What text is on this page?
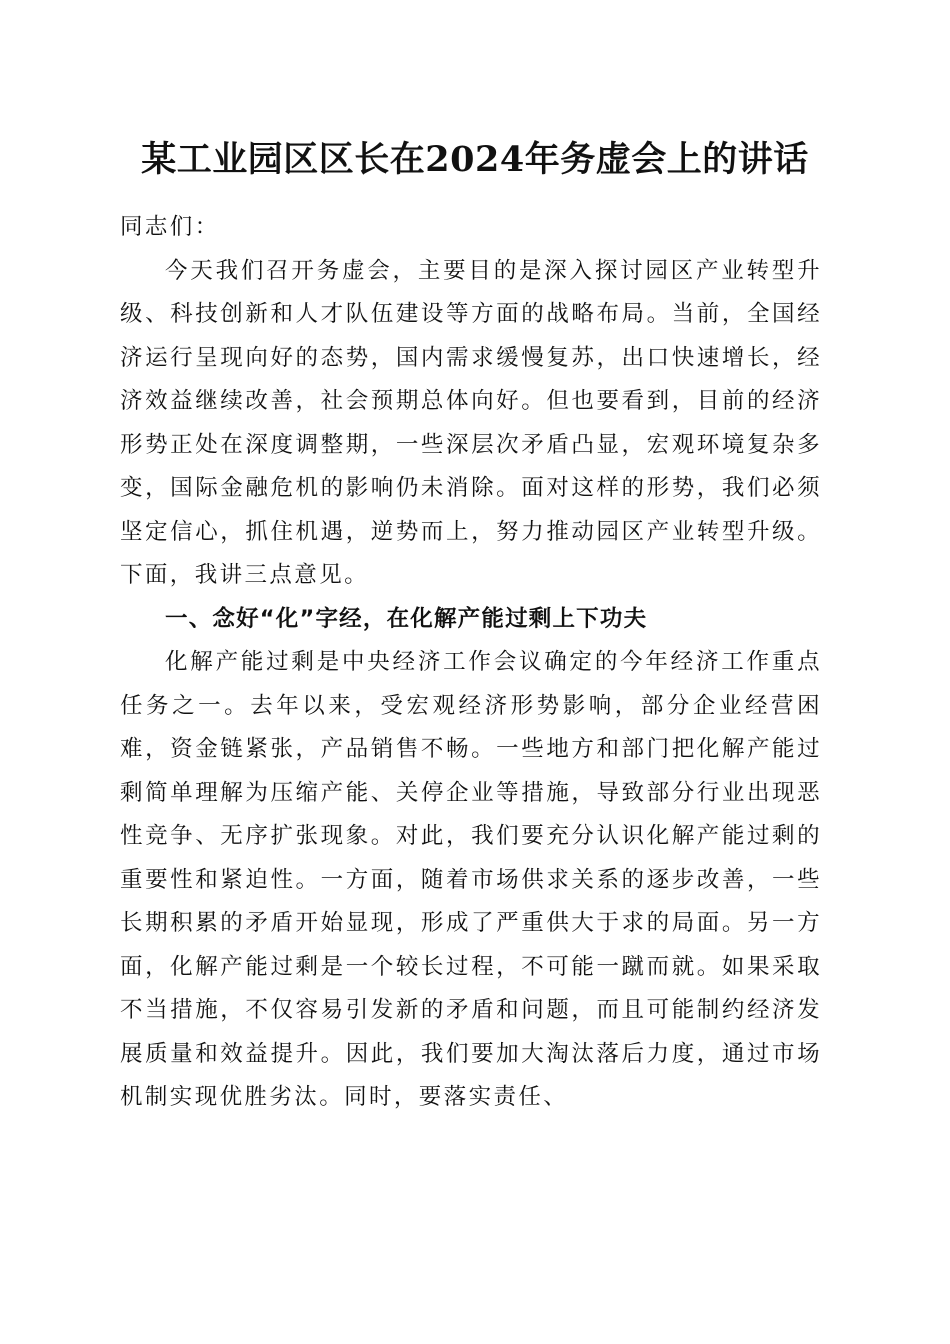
某工业园区区长在2024年务虚会上的讲话

同志们：

今天我们召开务虚会，主要目的是深入探讨园区产业转型升级、科技创新和人才队伍建设等方面的战略布局。当前，全国经济运行呈现向好的态势，国内需求缓慢复苏，出口快速增长，经济效益继续改善，社会预期总体向好。但也要看到，目前的经济形势正处在深度调整期，一些深层次矛盾凸显，宏观环境复杂多变，国际金融危机的影响仍未消除。面对这样的形势，我们必须坚定信心，抓住机遇，逆势而上，努力推动园区产业转型升级。下面，我讲三点意见。

一、念好“化”字经，在化解产能过剩上下功夫

化解产能过剩是中央经济工作会议确定的今年经济工作重点任务之一。去年以来，受宏观经济形势影响，部分企业经营困难，资金链紧张，产品销售不畅。一些地方和部门把化解产能过剩简单理解为压缩产能、关停企业等措施，导致部分行业出现恶性竞争、无序扩张现象。对此，我们要充分认识化解产能过剩的重要性和紧迫性。一方面，随着市场供求关系的逐步改善，一些长期积累的矛盾开始显现，形成了严重供大于求的局面。另一方面，化解产能过剩是一个较长过程，不可能一蹴而就。如果采取不当措施，不仅容易引发新的矛盾和问题，而且可能制约经济发展质量和效益提升。因此，我们要加大淘汰落后力度，通过市场机制实现优胜劣汰。同时，要落实责任、
